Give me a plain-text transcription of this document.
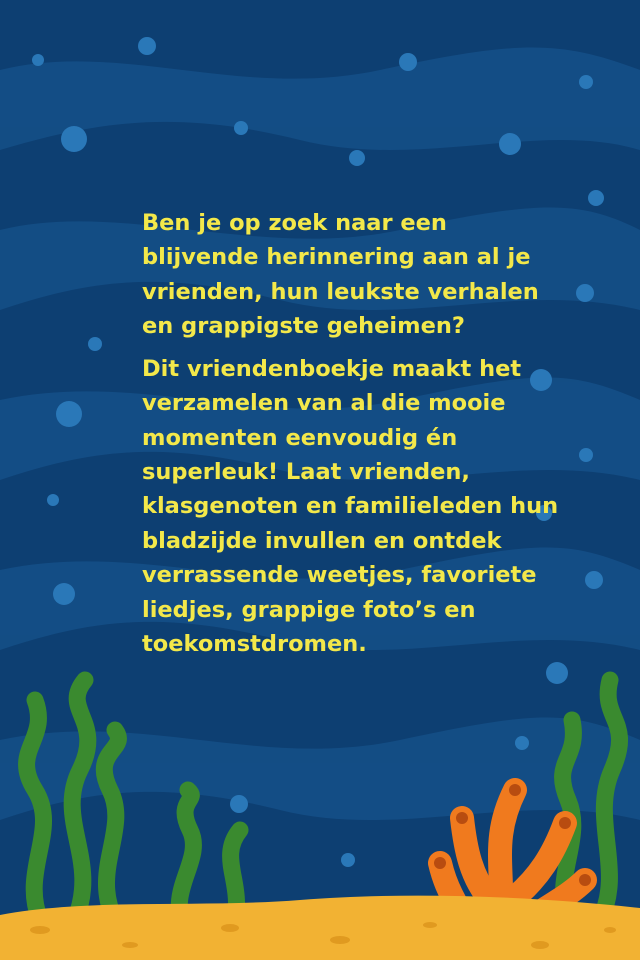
Ben je op zoek naar een blijvende herinnering aan al je vrienden, hun leukste verhalen en grappigste geheimen?

Dit vriendenboekje maakt het verzamelen van al die mooie momenten eenvoudig én superleuk! Laat vrienden, klasgenoten en familieleden hun bladzijde invullen en ontdek verrassende weetjes, favoriete liedjes, grappige foto’s en toekomstdromen.
